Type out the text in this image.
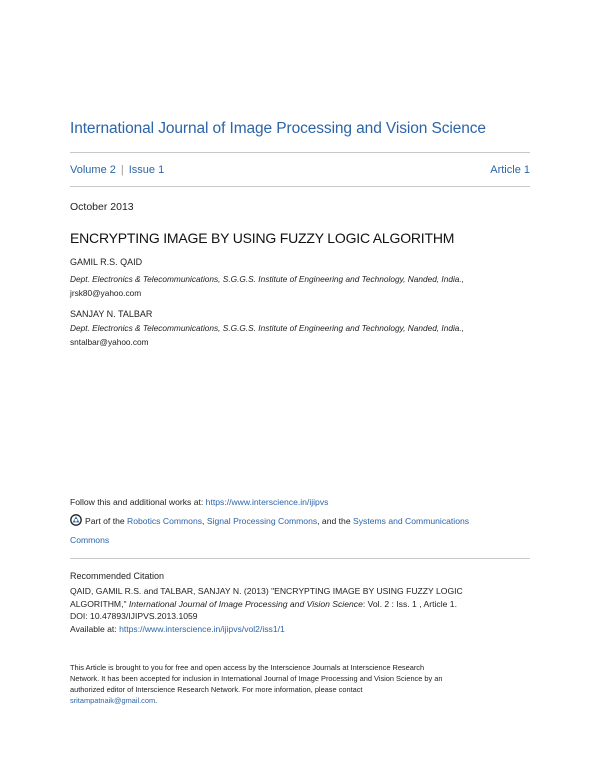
International Journal of Image Processing and Vision Science
Volume 2 | Issue 1	Article 1
October 2013
ENCRYPTING IMAGE BY USING FUZZY LOGIC ALGORITHM
GAMIL R.S. QAID
Dept. Electronics & Telecommunications, S.G.G.S. Institute of Engineering and Technology, Nanded, India.,
jrsk80@yahoo.com
SANJAY N. TALBAR
Dept. Electronics & Telecommunications, S.G.G.S. Institute of Engineering and Technology, Nanded, India.,
sntalbar@yahoo.com
Follow this and additional works at: https://www.interscience.in/ijipvs
Part of the Robotics Commons, Signal Processing Commons, and the Systems and Communications
Commons
Recommended Citation
QAID, GAMIL R.S. and TALBAR, SANJAY N. (2013) "ENCRYPTING IMAGE BY USING FUZZY LOGIC
ALGORITHM," International Journal of Image Processing and Vision Science: Vol. 2 : Iss. 1 , Article 1.
DOI: 10.47893/IJIPVS.2013.1059
Available at: https://www.interscience.in/ijipvs/vol2/iss1/1
This Article is brought to you for free and open access by the Interscience Journals at Interscience Research
Network. It has been accepted for inclusion in International Journal of Image Processing and Vision Science by an
authorized editor of Interscience Research Network. For more information, please contact
sritampatnaik@gmail.com.
